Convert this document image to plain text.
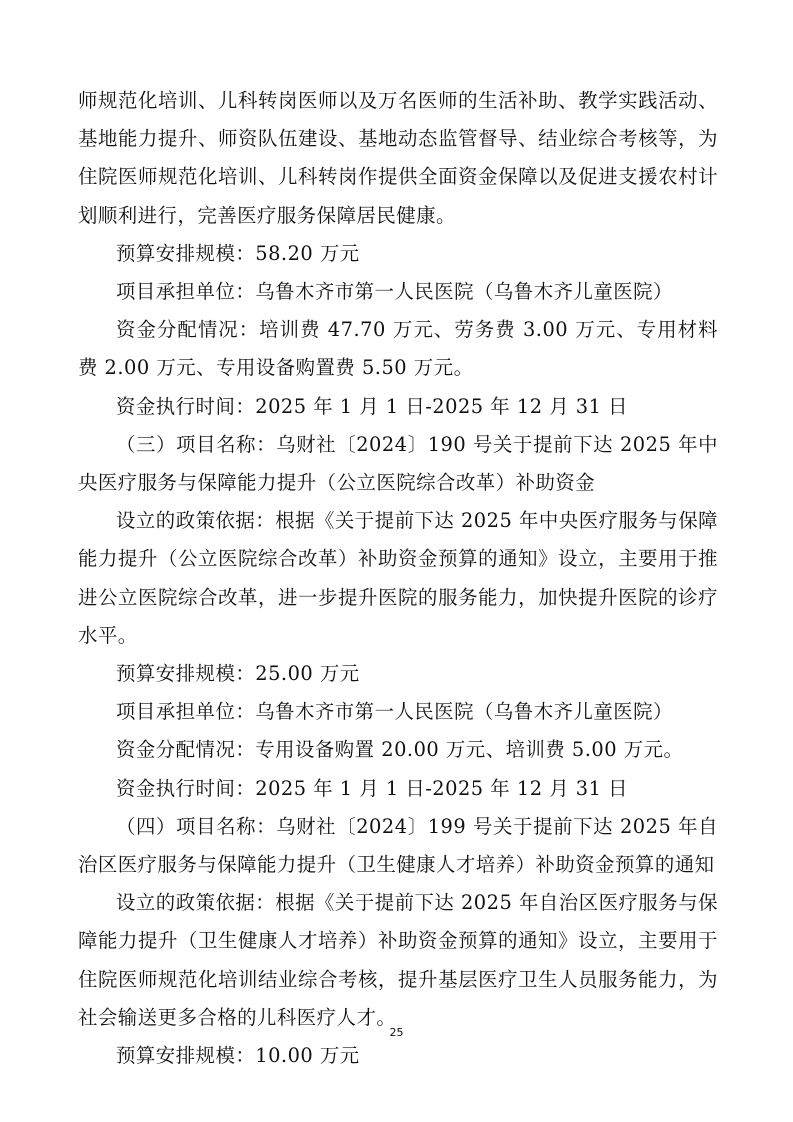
师规范化培训、儿科转岗医师以及万名医师的生活补助、教学实践活动、基地能力提升、师资队伍建设、基地动态监管督导、结业综合考核等，为住院医师规范化培训、儿科转岗作提供全面资金保障以及促进支援农村计划顺利进行，完善医疗服务保障居民健康。

预算安排规模：58.20 万元

项目承担单位：乌鲁木齐市第一人民医院（乌鲁木齐儿童医院）

资金分配情况：培训费 47.70 万元、劳务费 3.00 万元、专用材料费 2.00 万元、专用设备购置费 5.50 万元。

资金执行时间：2025 年 1 月 1 日-2025 年 12 月 31 日

（三）项目名称：乌财社〔2024〕190 号关于提前下达 2025 年中央医疗服务与保障能力提升（公立医院综合改革）补助资金

设立的政策依据：根据《关于提前下达 2025 年中央医疗服务与保障能力提升（公立医院综合改革）补助资金预算的通知》设立，主要用于推进公立医院综合改革，进一步提升医院的服务能力，加快提升医院的诊疗水平。

预算安排规模：25.00 万元

项目承担单位：乌鲁木齐市第一人民医院（乌鲁木齐儿童医院）

资金分配情况：专用设备购置 20.00 万元、培训费 5.00 万元。

资金执行时间：2025 年 1 月 1 日-2025 年 12 月 31 日

（四）项目名称：乌财社〔2024〕199 号关于提前下达 2025 年自治区医疗服务与保障能力提升（卫生健康人才培养）补助资金预算的通知

设立的政策依据：根据《关于提前下达 2025 年自治区医疗服务与保障能力提升（卫生健康人才培养）补助资金预算的通知》设立，主要用于住院医师规范化培训结业综合考核，提升基层医疗卫生人员服务能力，为社会输送更多合格的儿科医疗人才。

预算安排规模：10.00 万元

25
